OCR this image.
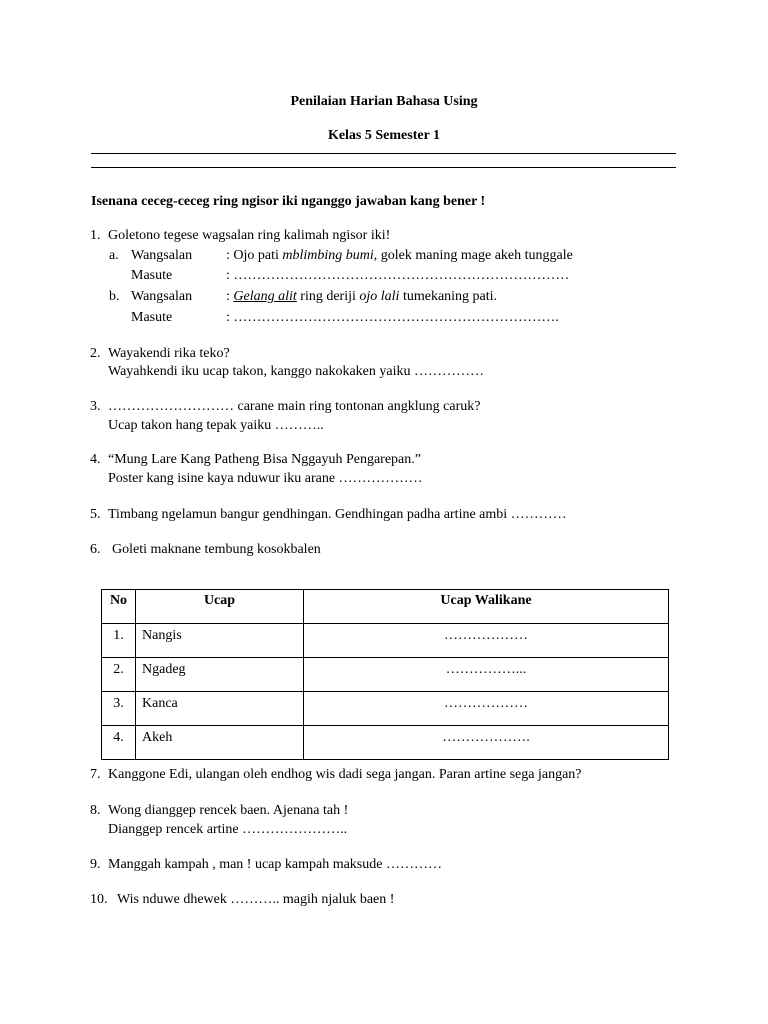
Penilaian Harian Bahasa Using
Kelas 5 Semester 1
Isenana ceceg-ceceg ring ngisor iki nganggo jawaban kang bener !
1. Goletono tegese wagsalan ring kalimah ngisor iki!
a. Wangsalan : Ojo pati mblimbing bumi, golek maning mage akeh tunggale
Masute	: ………………………………………………………………
b. Wangsalan : Gelang alit ring deriji ojo lali tumekaning pati.
Masute	: …………………………………………………………….
2. Wayakendi rika teko?
Wayahkendi iku ucap takon, kanggo nakokaken yaiku ……………
3. ……………………… carane main ring tontonan angklung caruk?
Ucap takon hang tepak yaiku ………..
4. “Mung Lare Kang Patheng Bisa Nggayuh Pengarepan.”
Poster kang isine kaya nduwur iku arane ………………
5. Timbang ngelamun bangur gendhingan. Gendhingan padha artine ambi …………
6. Goleti maknane tembung kosokbalen
No	Ucap	Ucap Walikane
1.	Nangis	………………
2.	Ngadeg	……………...
3.	Kanca	………………
4.	Akeh	……………….
7. Kanggone Edi, ulangan oleh endhog wis dadi sega jangan. Paran artine sega jangan?
8. Wong dianggep rencek baen. Ajenana tah !
Dianggep rencek artine …………………..
9. Manggah kampah , man ! ucap kampah maksude …………
10. Wis nduwe dhewek ……….. magih njaluk baen !
